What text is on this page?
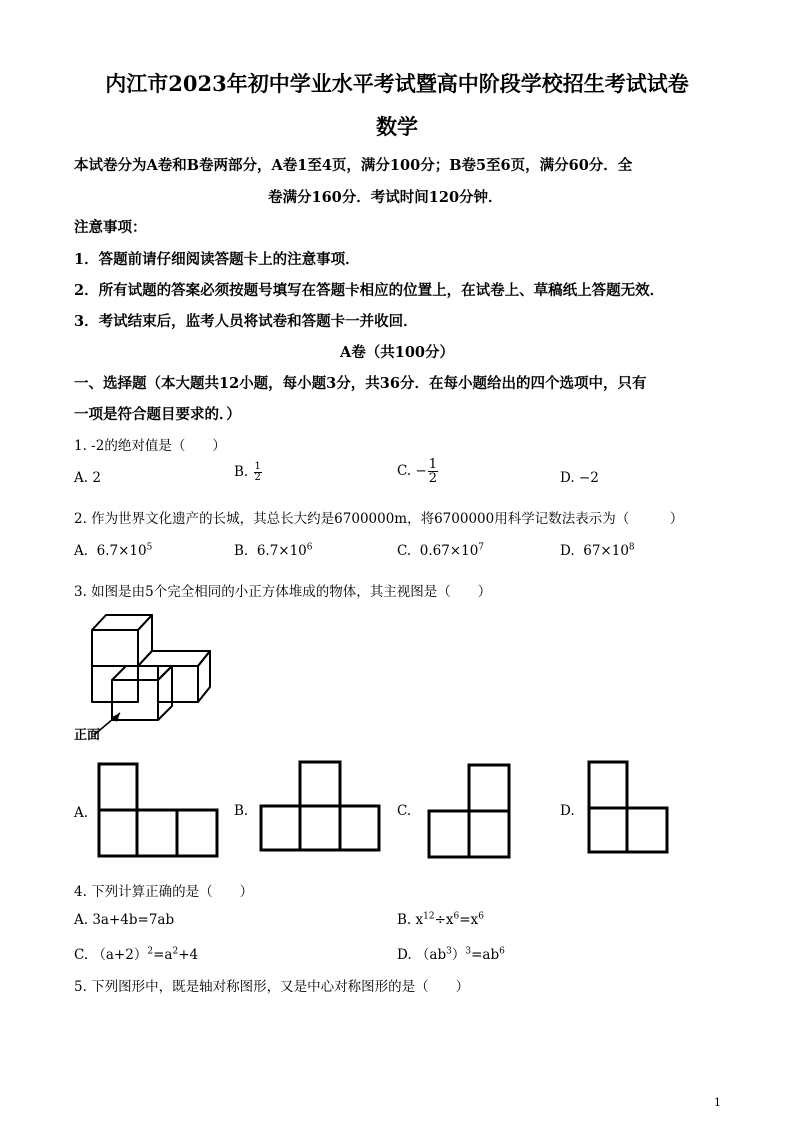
内江市2023年初中学业水平考试暨高中阶段学校招生考试试卷
数学
本试卷分为A卷和B卷两部分，A卷1至4页，满分100分；B卷5至6页，满分60分．全
卷满分160分．考试时间120分钟．
注意事项：
1．答题前请仔细阅读答题卡上的注意事项．
2．所有试题的答案必须按题号填写在答题卡相应的位置上，在试卷上、草稿纸上答题无效．
3．考试结束后，监考人员将试卷和答题卡一并收回．
A卷（共100分）
一、选择题（本大题共12小题，每小题3分，共36分．在每小题给出的四个选项中，只有
一项是符合题目要求的．）
1. -2的绝对值是（　　）
A. 2	B. $\frac{1}{2}$	C. − $\frac{1}{2}$	D. −2
2. 作为世界文化遗产的长城，其总长大约是6700000m，将6700000用科学记数法表示为（　　　）
A. $6.7\times 10^5$	B. $6.7\times 10^6$	C. $0.67\times 10^7$	D. $67\times 10^8$
3. 如图是由5个完全相同的小正方体堆成的物体，其主视图是（　　）
正面
A.	B.	C.	D.
4. 下列计算正确的是（　　）
A. 3a+4b=7ab	B. $x^{12}\div x^6=x^6$
C. $(a+2)^2=a^2+4$	D. $(ab^3)^3=ab^6$
5. 下列图形中，既是轴对称图形，又是中心对称图形的是（　　）
1
